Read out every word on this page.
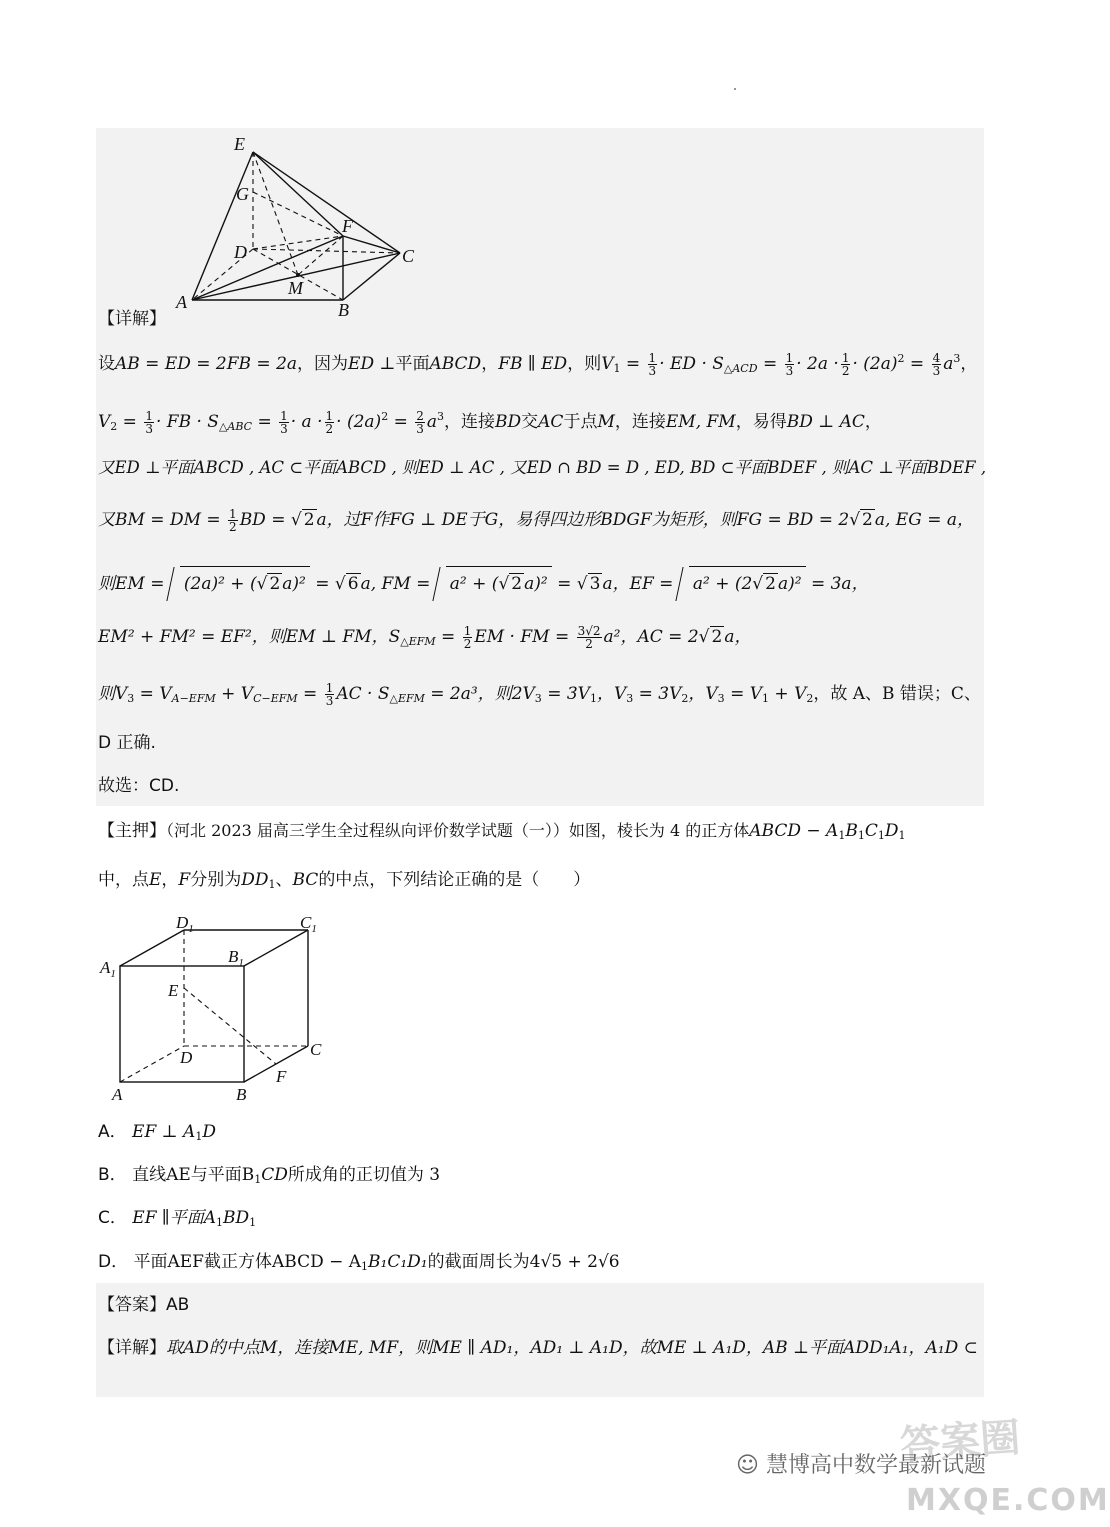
E
G
F
D	C
M
A	B
【详解】
设AB = ED = 2FB = 2a，因为ED ⊥平面ABCD，FB ∥ ED，则$V_1 = \frac{1}{3}$ · ED · $S_{\triangle ACD} = \frac{1}{3} \cdot 2a \cdot \frac{1}{2} \cdot (2a)^2 = \frac{4}{3} a^3$，
$V_2 = \frac{1}{3}$ · FB · $S_{\triangle ABC} = \frac{1}{3} \cdot a \cdot \frac{1}{2} \cdot (2a)^2 = \frac{2}{3} a^3$，连接BD交AC于点M，连接EM, FM，易得BD ⊥ AC，
又ED ⊥平面ABCD , AC ⊂平面ABCD , 则ED ⊥ AC , 又ED ∩ BD = D , ED, BD ⊂平面BDEF , 则AC ⊥平面BDEF ,
又BM = DM = $\frac{1}{2}$ BD = √ 2 a，过F作FG ⊥ DE于G，易得四边形BDGF为矩形，则FG = BD = 2√ 2 a, EG = a，
则EM = (2a)² + (√ 2 a)² = √ 6 a, FM = a² + (√ 2 a)² = √ 3 a，EF = a² + (2√ 2 a)² = 3a，
EM² + FM² = EF²，则EM ⊥ FM，$S_{\triangle EFM} = \frac{1}{2}$ EM · FM = $\frac{3√2}{2} a^2$，AC = 2√ 2 a，
则$V_3 = V_{A-EFM} + V_{C-EFM} = \frac{1}{3}$ AC · $S_{\triangle EFM} = 2a^3$，则$2V_3 = 3V_1$，$V_3 = 3V_2$，$V_3 = V_1 + V_2$，故 A、B 错误；C、
D 正确.
故选：CD.
【主押】（河北 2023 届高三学生全过程纵向评价数学试题（一））如图，棱长为 4 的正方体ABCD − $A_1B_1C_1D_1$
中，点E，F分别为$DD_1$、BC的中点，下列结论正确的是（　　）
$D_1$	$C_1$
$A_1$
$B_1$
E
D	C
F
A	B
A． EF ⊥ $A_1D$
B． 直线AE与平面$B_1CD$所成角的正切值为 3
C． EF ∥平面$A_1BD_1$
D． 平面AEF截正方体ABCD − $A_1B_1C_1D_1$的截面周长为4√5 + 2√6
【答案】AB
【详解】取AD的中点M，连接ME, MF，则ME ∥ AD₁，AD₁ ⊥ A₁D，故ME ⊥ A₁D，AB ⊥平面ADD₁A₁，A₁D ⊂
答案圈
☺ 慧博高中数学最新试题
MXQE.COM
